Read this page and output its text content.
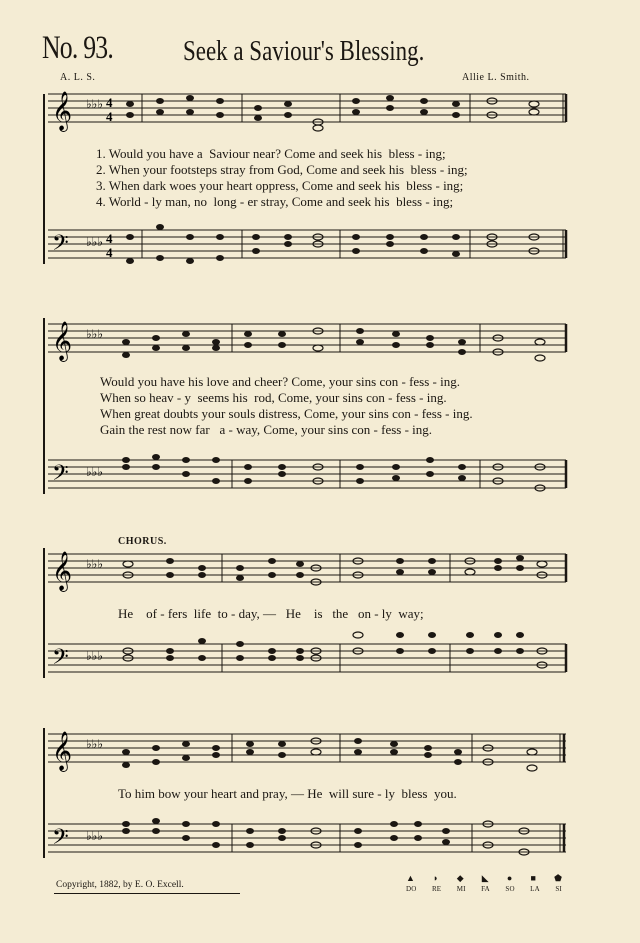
No. 93. Seek a Saviour's Blessing.
A. L. S.	Allie L. Smith.
𝄞 ♭♭♭ 4
4
1. Would you have a  Saviour near? Come and seek his  bless - ing;
2. When your footsteps stray from God, Come and seek his  bless - ing;
3. When dark woes your heart oppress, Come and seek his  bless - ing;
4. World - ly man, no  long - er stray, Come and seek his  bless - ing;
𝄢 ♭♭♭ 4
4
𝄞 ♭♭♭
Would you have his love and cheer? Come, your sins con - fess - ing.
When so heav - y  seems his  rod, Come, your sins con - fess - ing.
When great doubts your souls distress, Come, your sins con - fess - ing.
Gain the rest now far   a - way, Come, your sins con - fess - ing.
𝄢 ♭♭♭
CHORUS.
𝄞 ♭♭♭
He    of - fers  life  to - day, —   He    is   the   on - ly  way;
𝄢 ♭♭♭
𝄞 ♭♭♭
To him bow your heart and pray, — He  will sure - ly  bless  you.
𝄢 ♭♭♭
Copyright, 1882, by E. O. Excell.
▲ ◗ ◆ ◣ ● ■ ⬟
DO RE MI FA SO LA SI
